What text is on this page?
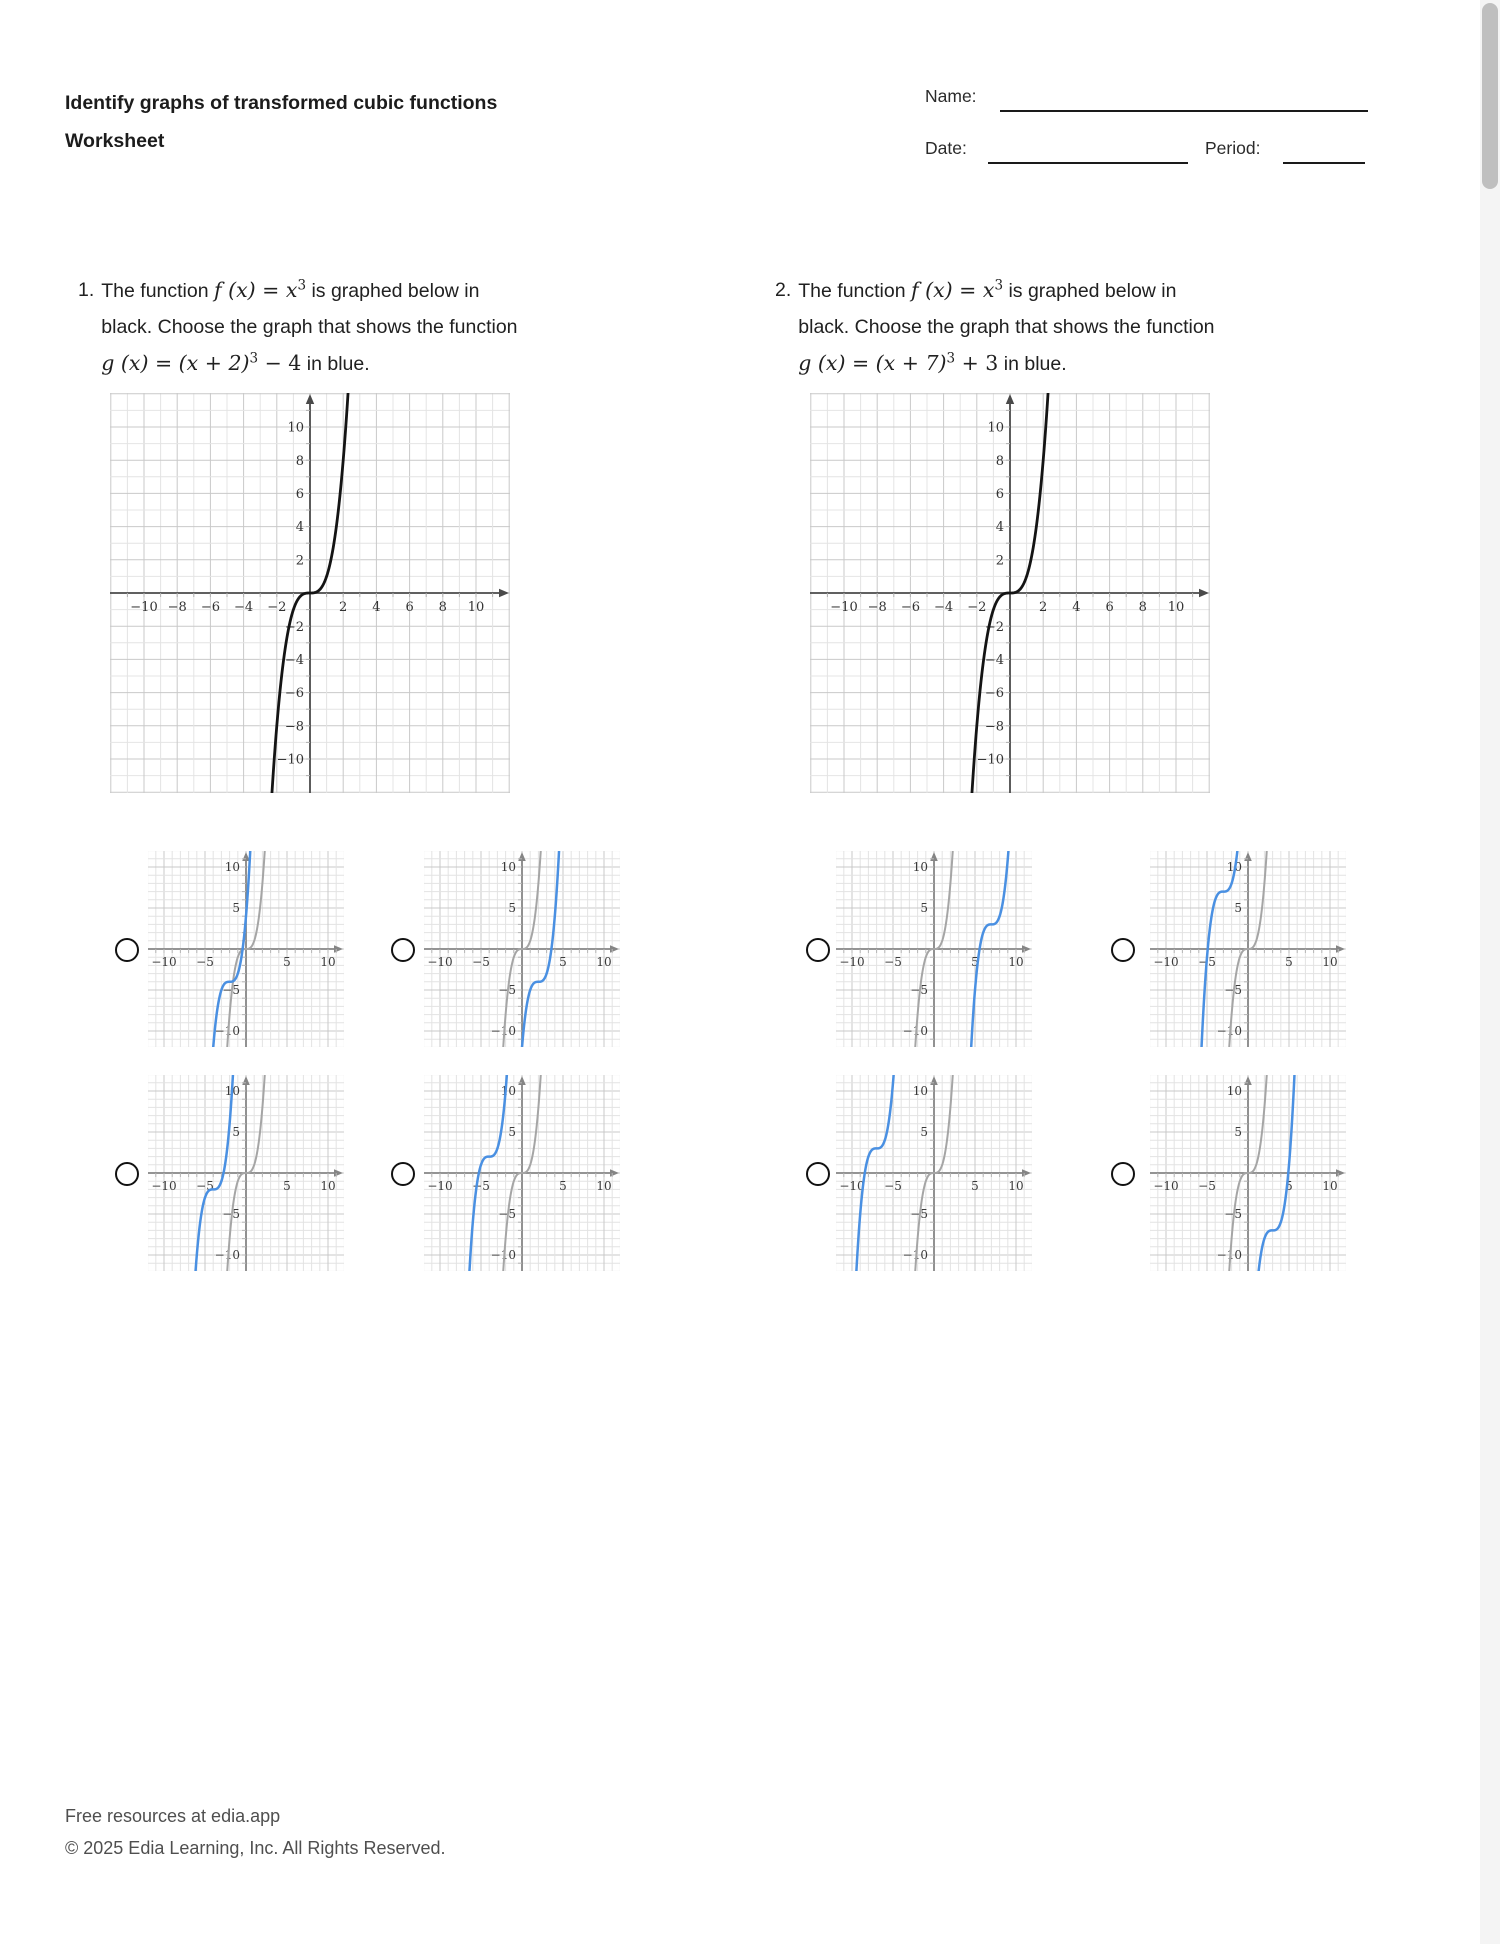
Identify graphs of transformed cubic functions
Worksheet
Name:
Date:	Period:
1. The function f $(x) = x^3$ is graphed below in
black. Choose the graph that shows the function
g $(x) = (x + 2)^3 - 4$ in blue.
2. The function f $(x) = x^3$ is graphed below in
black. Choose the graph that shows the function
g $(x) = (x + 7)^3 + 3$ in blue.
−10
−10
−8
−8
−6
−6
−4
−4
−2
−2
2
2
4
4
6
6
8
8
10
10
−10
−10
−8
−8
−6
−6
−4
−4
−2
−2
2
2
4
4
6
6
8
8
10
10
−10
−10
−5
−5
5
5
10
10
−10
−10
−5
−5
5
5
10
10
−10
−10
−5
−5
5
5
10
10
−10
−10
−5
−5
5
5
10
10
−10
−10
−5
−5
5
5
10
10
−10
−10
−5
−5
5
5
10
10
−10
−10
−5
−5
5
5
10
10
−10
−10
−5
−5
5
5
10
10
Free resources at edia.app
© 2025 Edia Learning, Inc. All Rights Reserved.
